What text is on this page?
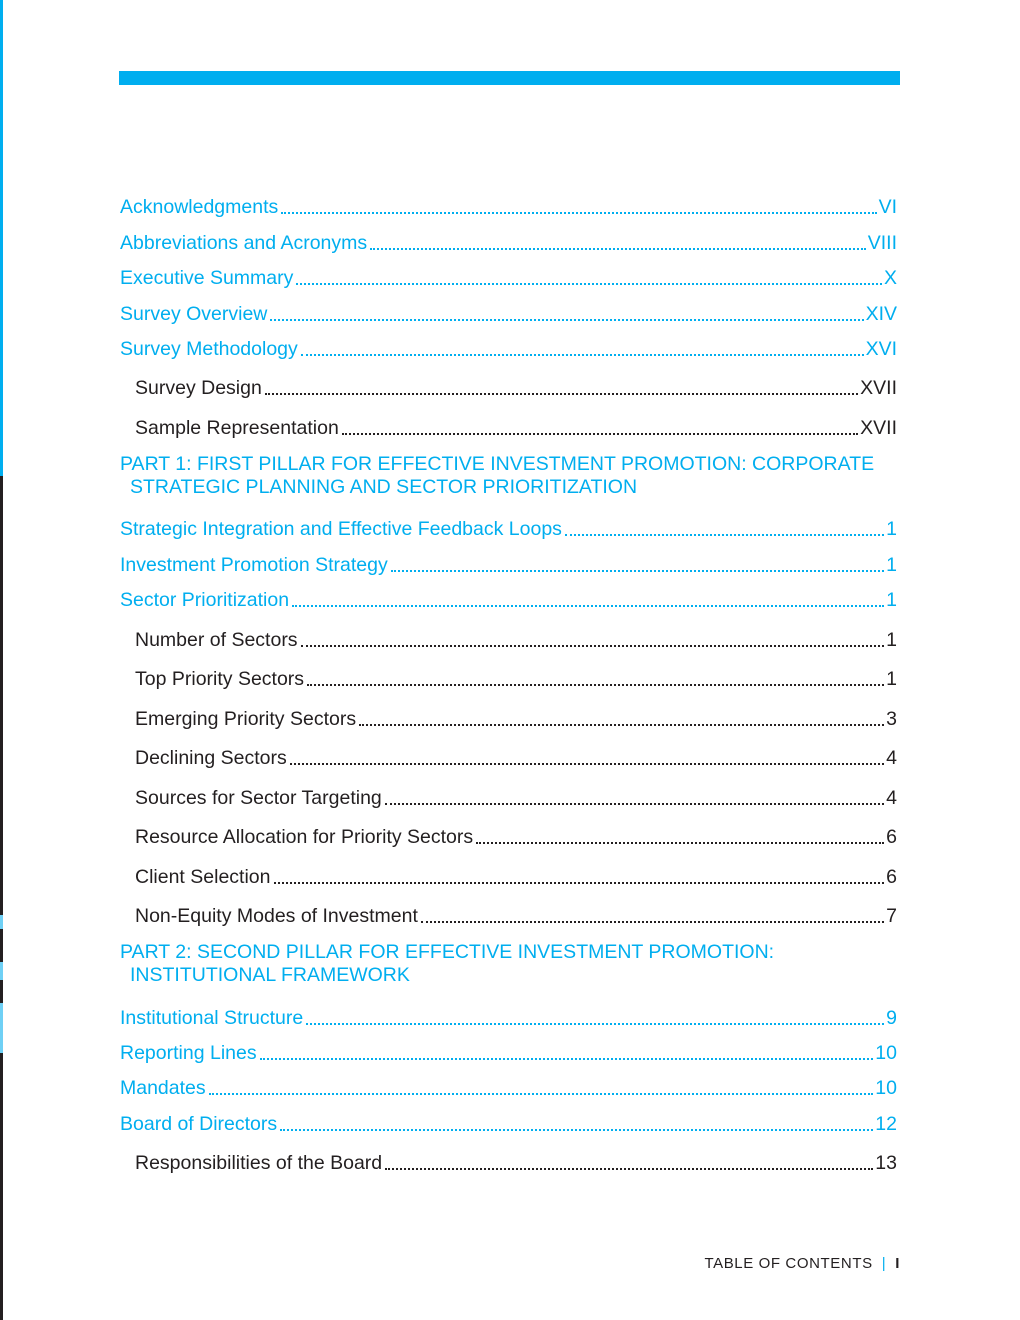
Acknowledgments	VI
Abbreviations and Acronyms	VIII
Executive Summary	X
Survey Overview	XIV
Survey Methodology	XVI
Survey Design	XVII
Sample Representation	XVII
PART 1: FIRST PILLAR FOR EFFECTIVE INVESTMENT PROMOTION: CORPORATE STRATEGIC PLANNING AND SECTOR PRIORITIZATION
Strategic Integration and Effective Feedback Loops	1
Investment Promotion Strategy	1
Sector Prioritization	1
Number of Sectors	1
Top Priority Sectors	1
Emerging Priority Sectors	3
Declining Sectors	4
Sources for Sector Targeting	4
Resource Allocation for Priority Sectors	6
Client Selection	6
Non-Equity Modes of Investment	7
PART 2: SECOND PILLAR FOR EFFECTIVE INVESTMENT PROMOTION: INSTITUTIONAL FRAMEWORK
Institutional Structure	9
Reporting Lines	10
Mandates	10
Board of Directors	12
Responsibilities of the Board	13
TABLE OF CONTENTS | I
